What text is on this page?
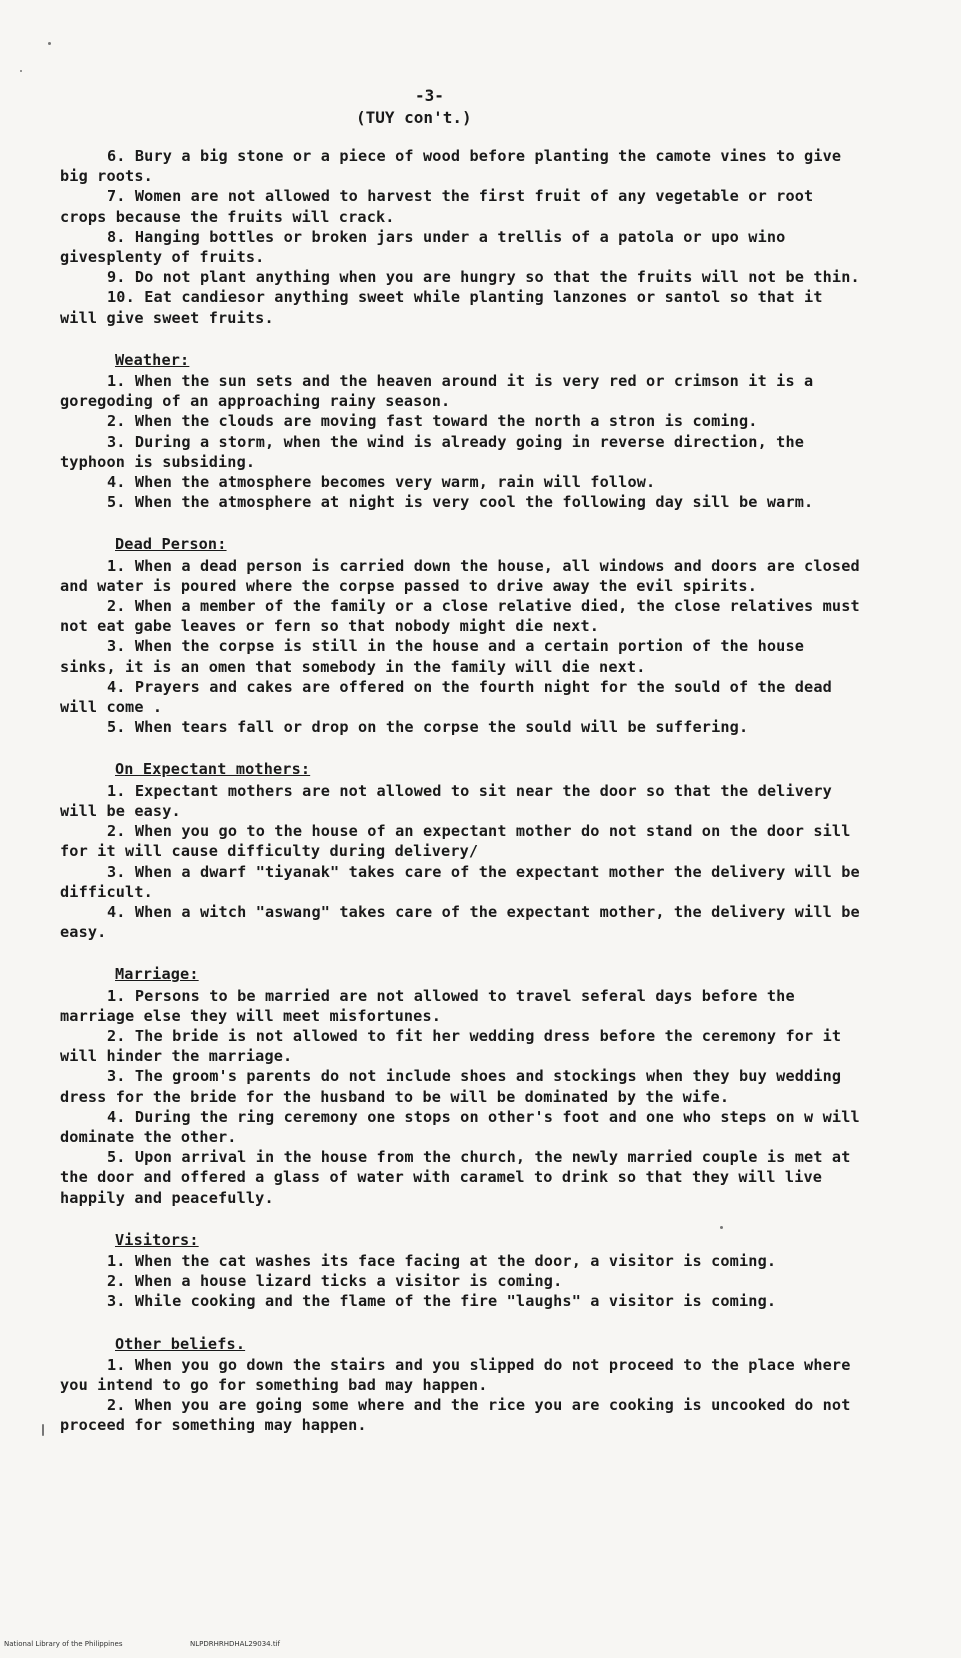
-3-
(TUY con't.)
6. Bury a big stone or a piece of wood before planting the camote vines to give big roots.
7. Women are not allowed to harvest the first fruit of any vegetable or root crops because the fruits will crack.
8. Hanging bottles or broken jars under a trellis of a patola or upo wino givesplenty of fruits.
9. Do not plant anything when you are hungry so that the fruits will not be thin.
10. Eat candiesor anything sweet while planting lanzones or santol so that it will give sweet fruits.
Weather:
1. When the sun sets and the heaven around it is very red or crimson it is a goregoding of an approaching rainy season.
2. When the clouds are moving fast toward the north a stron is coming.
3. During a storm, when the wind is already going in reverse direction, the typhoon is subsiding.
4. When the atmosphere becomes very warm, rain will follow.
5. When the atmosphere at night is very cool the following day sill be warm.
Dead Person:
1. When a dead person is carried down the house, all windows and doors are closed and water is poured where the corpse passed to drive away the evil spirits.
2. When a member of the family or a close relative died, the close relatives must not eat gabe leaves or fern so that nobody might die next.
3. When the corpse is still in the house and a certain portion of the house sinks, it is an omen that somebody in the family will die next.
4. Prayers and cakes are offered on the fourth night for the sould of the dead will come .
5. When tears fall or drop on the corpse the sould will be suffering.
On Expectant mothers:
1. Expectant mothers are not allowed to sit near the door so that the delivery will be easy.
2. When you go to the house of an expectant mother do not stand on the door sill for it will cause difficulty during delivery/
3. When a dwarf "tiyanak" takes care of the expectant mother the delivery will be difficult.
4. When a witch "aswang" takes care of the expectant mother, the delivery will be easy.
Marriage:
1. Persons to be married are not allowed to travel seferal days before the marriage else they will meet misfortunes.
2. The bride is not allowed to fit her wedding dress before the ceremony for it will hinder the marriage.
3. The groom's parents do not include shoes and stockings when they buy wedding dress for the bride for the husband to be will be dominated by the wife.
4. During the ring ceremony one stops on other's foot and one who steps on w will dominate the other.
5. Upon arrival in the house from the church, the newly married couple is met at the door and offered a glass of water with caramel to drink so that they will live happily and peacefully.
Visitors:
1. When the cat washes its face facing at the door, a visitor is coming.
2. When a house lizard ticks a visitor is coming.
3. While cooking and the flame of the fire "laughs" a visitor is coming.
Other beliefs.
1. When you go down the stairs and you slipped do not proceed to the place where you intend to go for something bad may happen.
2. When you are going some where and the rice you are cooking is uncooked do not proceed for something may happen.
National Library of the Philippines	NLPDRHRHDHAL29034.tif
